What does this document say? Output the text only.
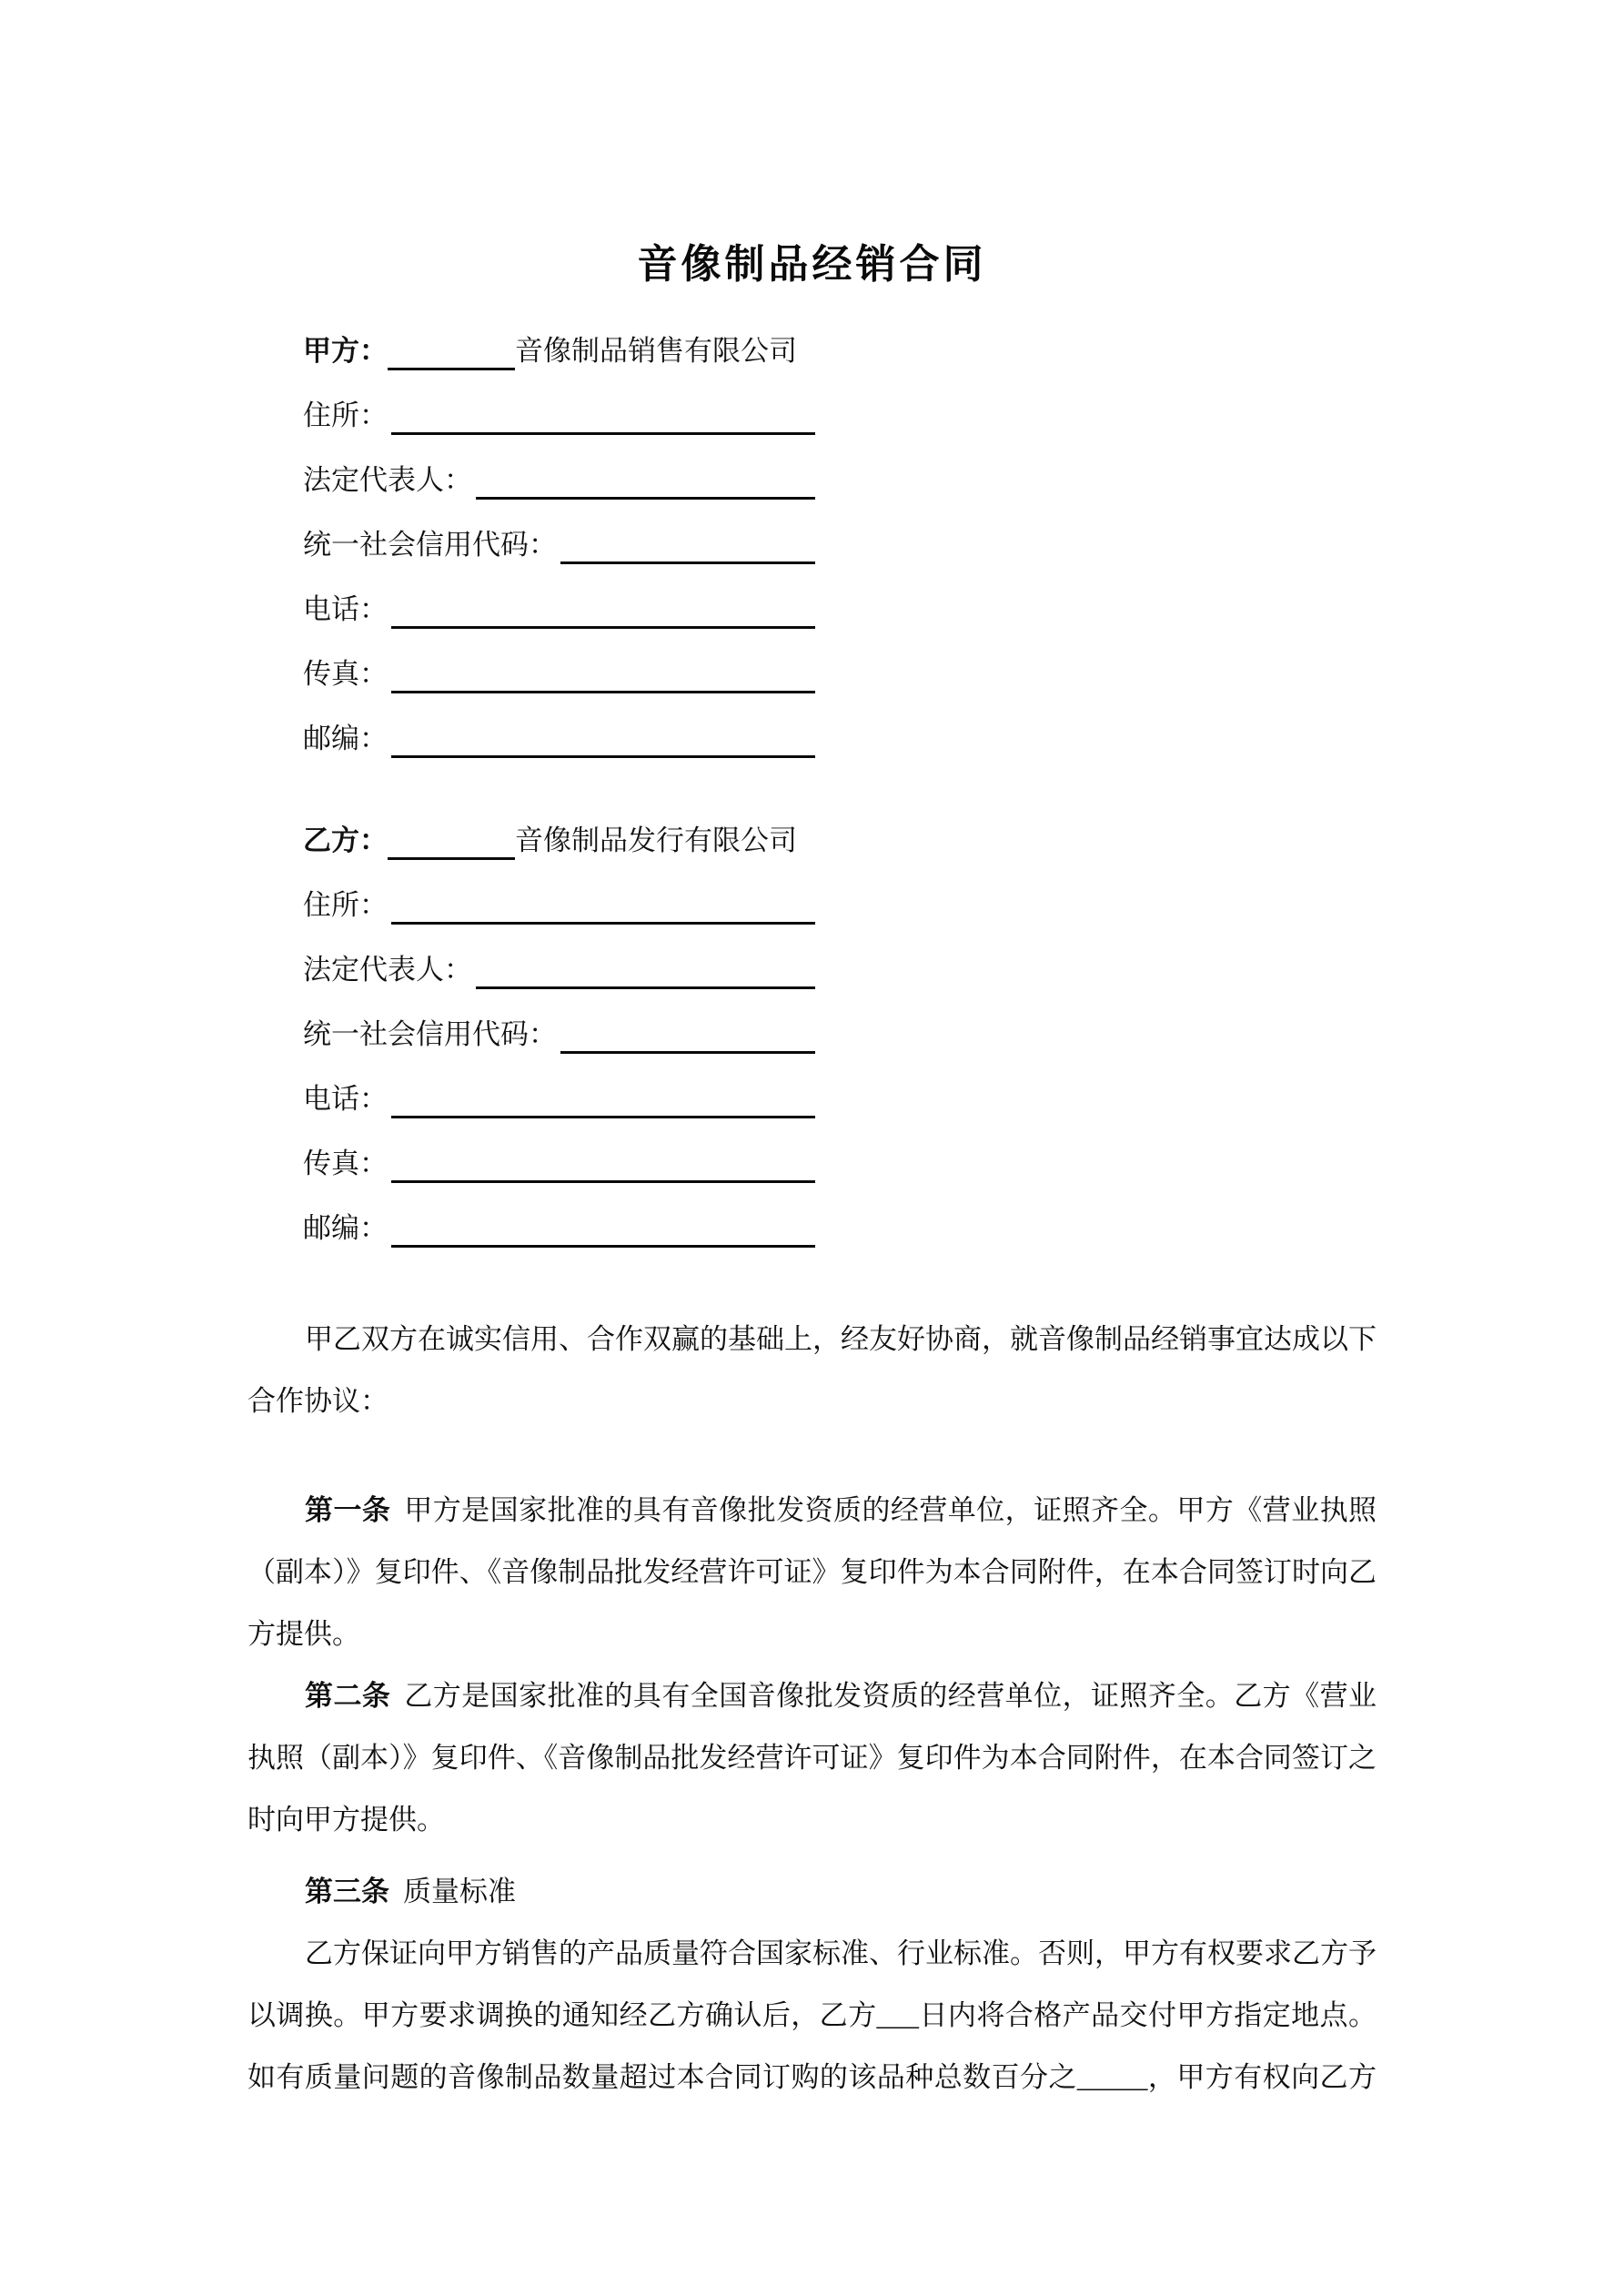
音像制品经销合同
甲方：	音像制品销售有限公司
住所：
法定代表人：
统一社会信用代码：
电话：
传真：
邮编：
乙方：	音像制品发行有限公司
住所：
法定代表人：
统一社会信用代码：
电话：
传真：
邮编：
甲乙双方在诚实信用、合作双赢的基础上，经友好协商，就音像制品经销事宜达成以下
合作协议：
第一条 甲方是国家批准的具有音像批发资质的经营单位，证照齐全。甲方《营业执照
（副本）》复印件、《音像制品批发经营许可证》复印件为本合同附件，在本合同签订时向乙
方提供。
第二条 乙方是国家批准的具有全国音像批发资质的经营单位，证照齐全。乙方《营业
执照（副本）》复印件、《音像制品批发经营许可证》复印件为本合同附件，在本合同签订之
时向甲方提供。
第三条 质量标准
乙方保证向甲方销售的产品质量符合国家标准、行业标准。否则，甲方有权要求乙方予
以调换。甲方要求调换的通知经乙方确认后，乙方___日内将合格产品交付甲方指定地点。
如有质量问题的音像制品数量超过本合同订购的该品种总数百分之_____，甲方有权向乙方
